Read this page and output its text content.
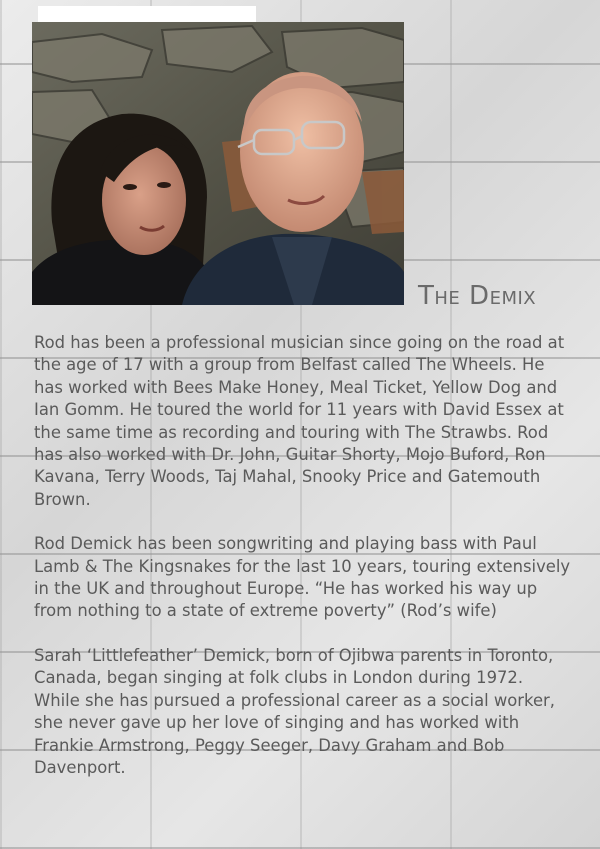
The Demix

Rod has been a professional musician since going on the road at the age of 17 with a group from Belfast called The Wheels. He has worked with Bees Make Honey, Meal Ticket, Yellow Dog and Ian Gomm. He toured the world for 11 years with David Essex at the same time as recording and touring with The Strawbs. Rod has also worked with Dr. John, Guitar Shorty, Mojo Buford, Ron Kavana, Terry Woods, Taj Mahal, Snooky Price and Gatemouth Brown.

Rod Demick has been songwriting and playing bass with Paul Lamb & The Kingsnakes for the last 10 years, touring extensively in the UK and throughout Europe. “He has worked his way up from nothing to a state of extreme poverty” (Rod’s wife)

Sarah ‘Littlefeather’ Demick, born of Ojibwa parents in Toronto, Canada, began singing at folk clubs in London during 1972. While she has pursued a professional career as a social worker, she never gave up her love of singing and has worked with Frankie Armstrong, Peggy Seeger, Davy Graham and Bob Davenport.
